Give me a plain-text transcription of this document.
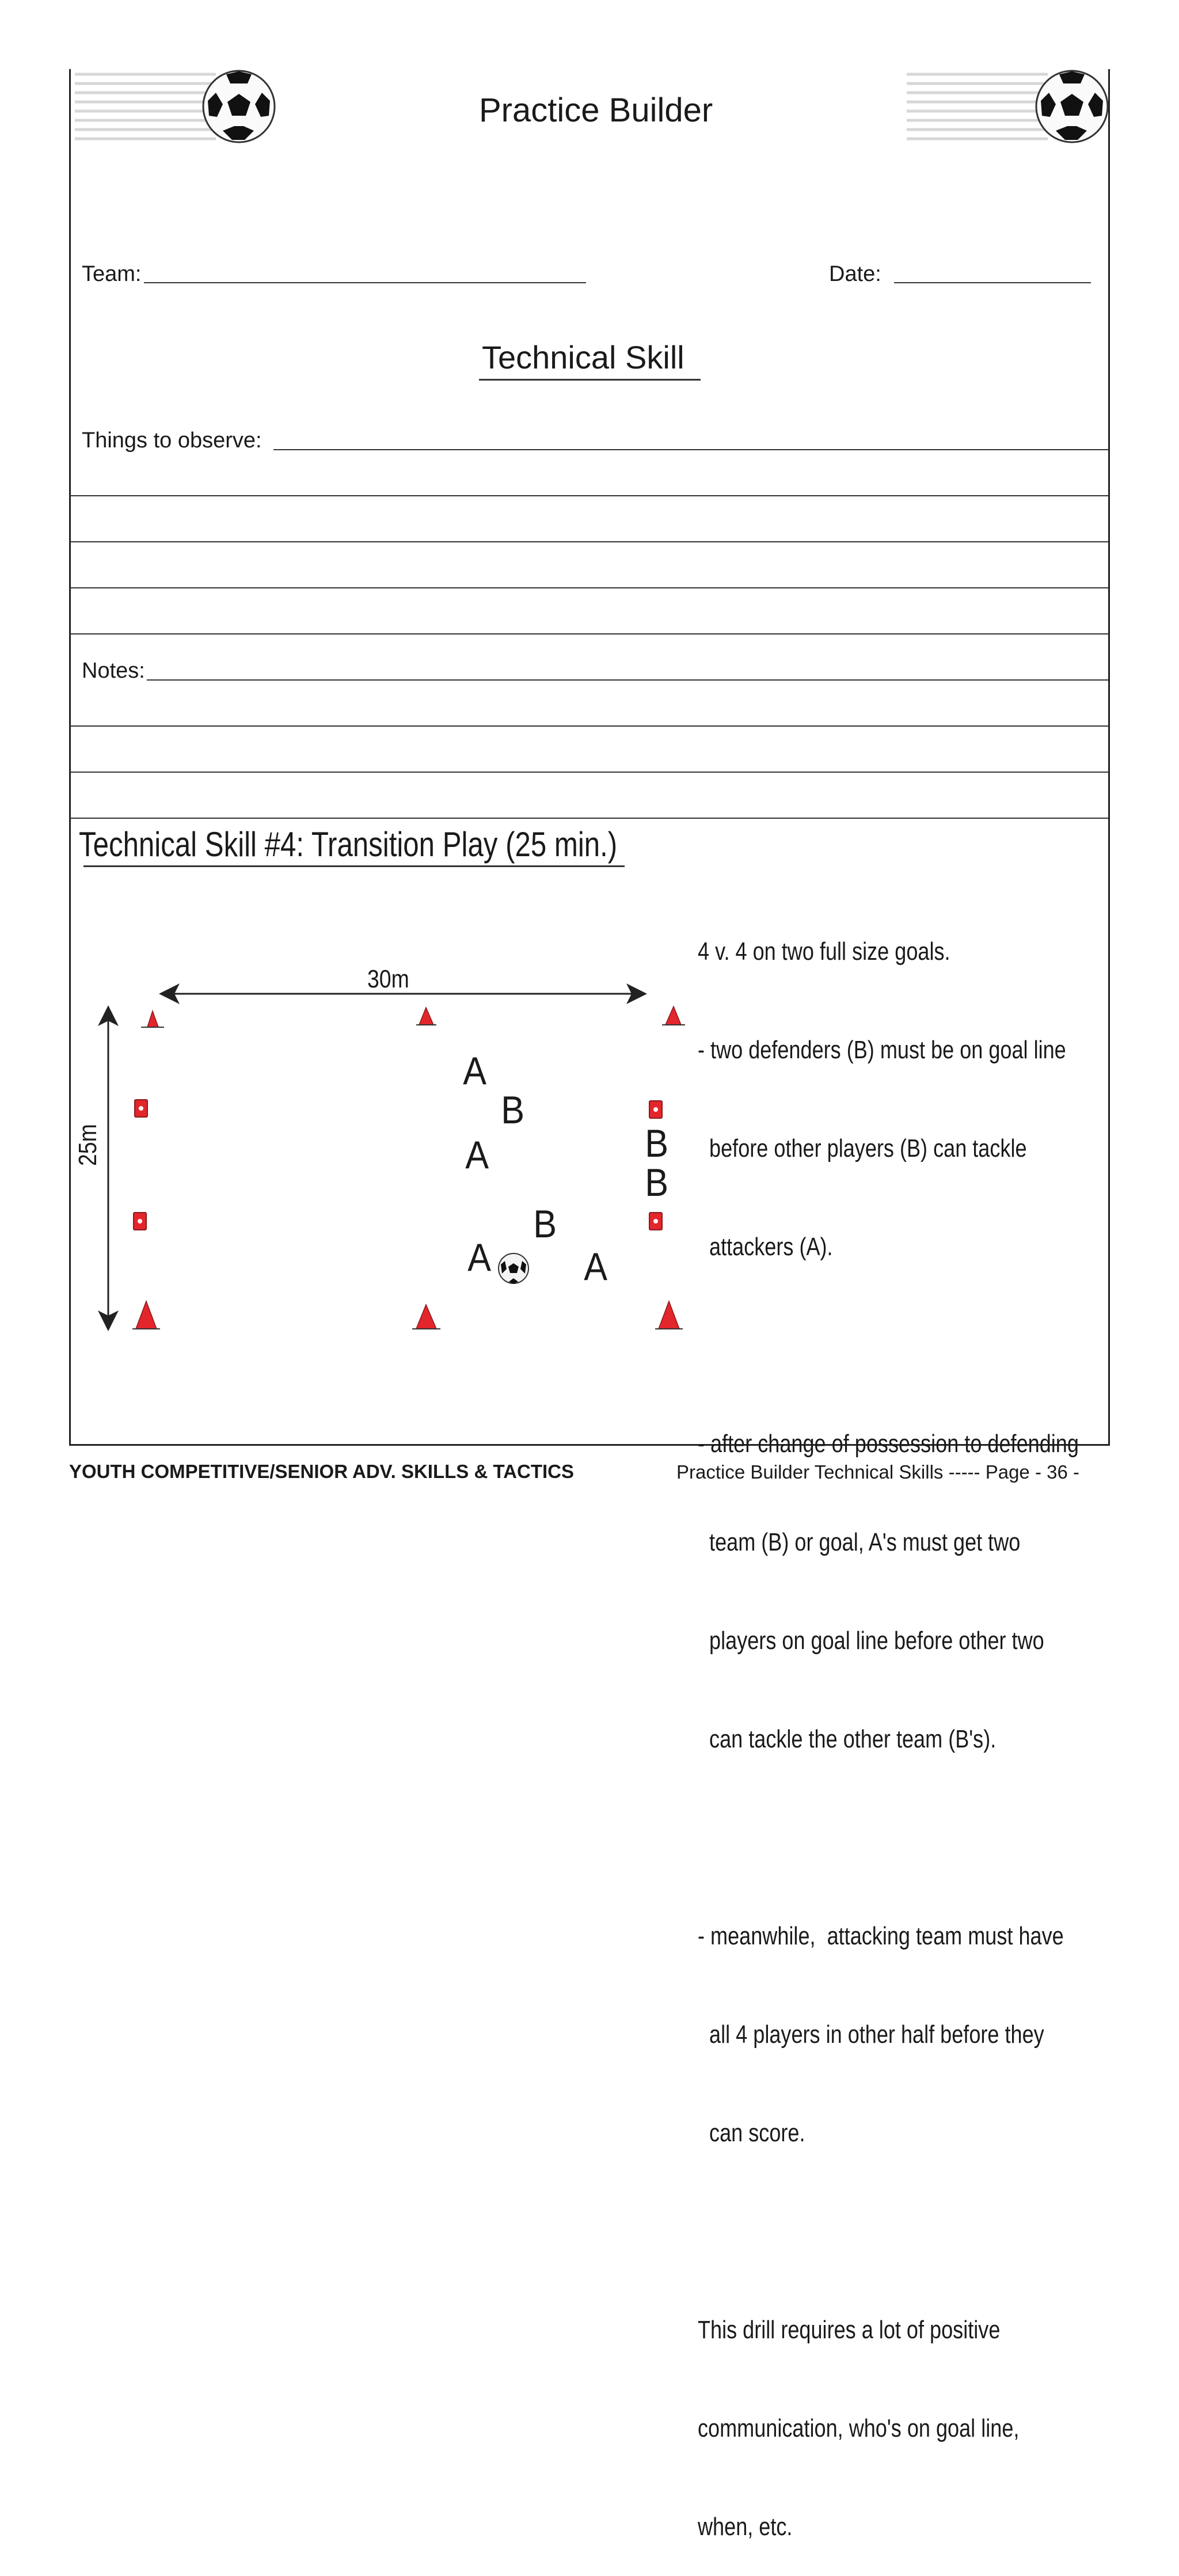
Practice Builder
Team:	Date:
Technical Skill
Things to observe:
Notes:
Technical Skill #4: Transition Play (25 min.)
30m
25m
A
B
A	B
B
B
A A

4 v. 4 on two full size goals.

- two defenders (B) must be on goal line

before other players (B) can tackle

attackers (A).

- after change of possession to defending

team (B) or goal, A's must get two

players on goal line before other two

can tackle the other team (B's).

- meanwhile,  attacking team must have

all 4 players in other half before they

can score.

This drill requires a lot of positive

communication, who's on goal line,

when, etc.

YOUTH COMPETITIVE/SENIOR ADV. SKILLS & TACTICS	Practice Builder Technical Skills ----- Page - 36 -
